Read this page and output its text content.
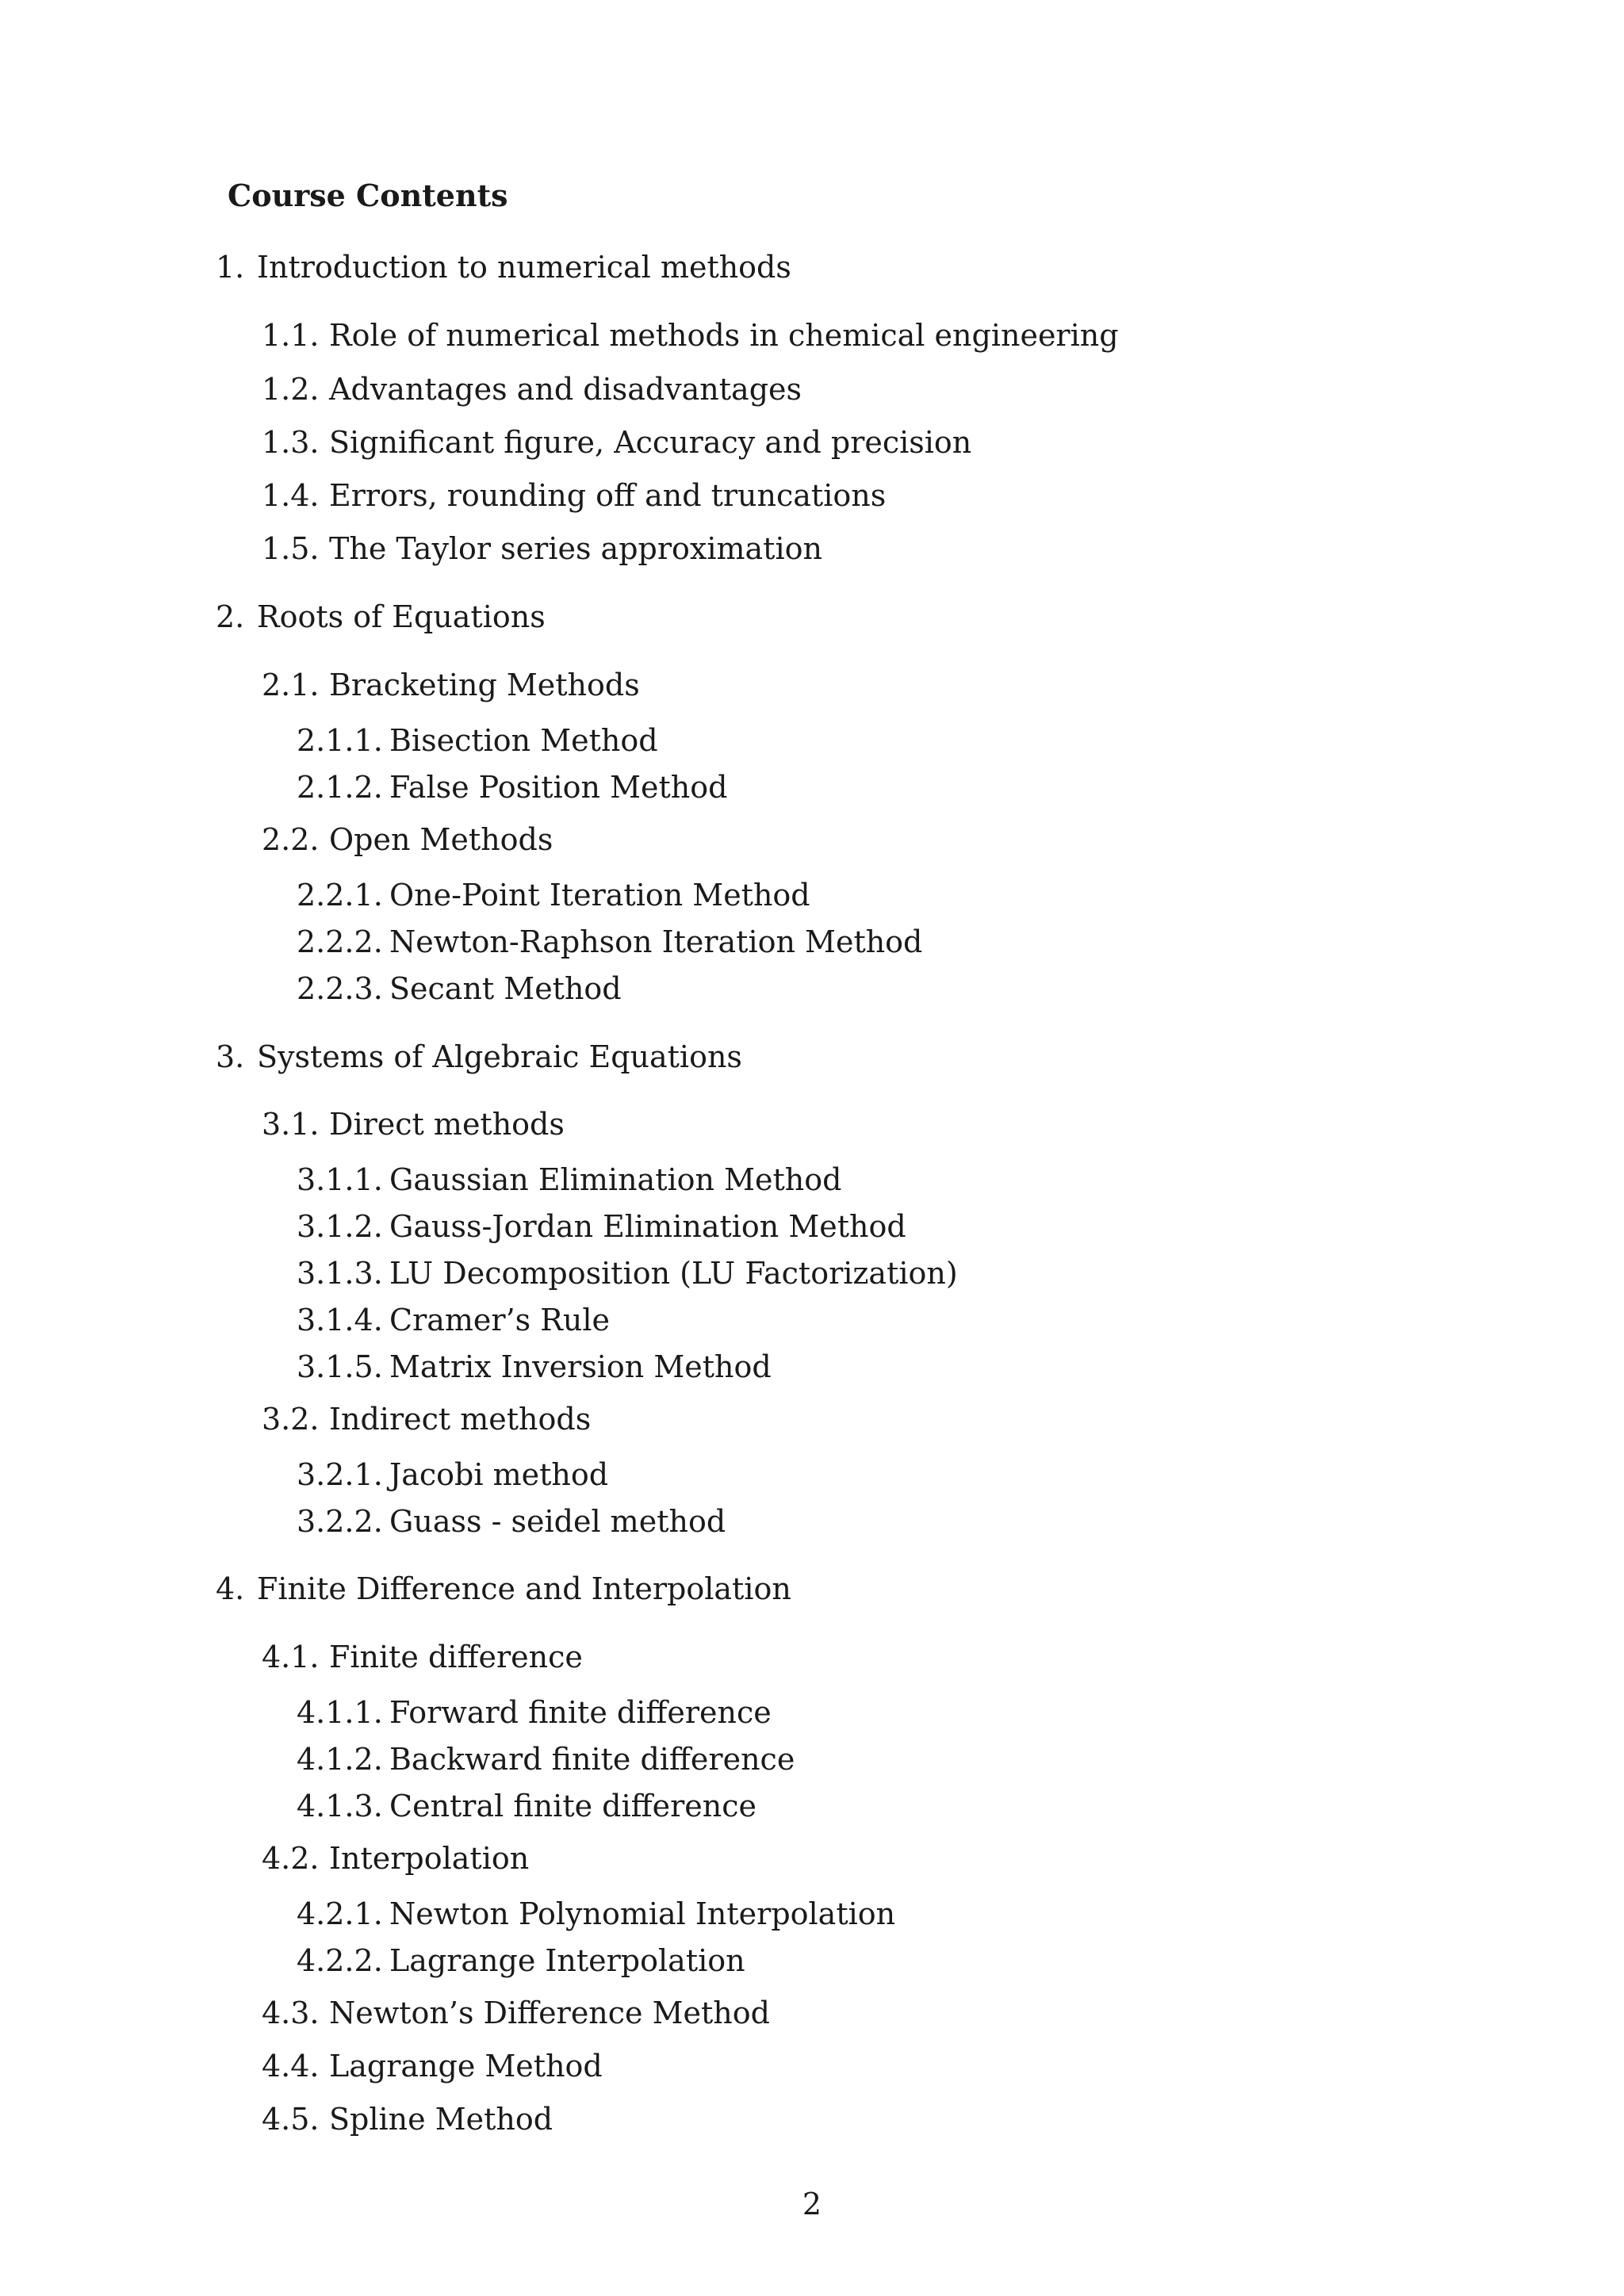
Course Contents
1. Introduction to numerical methods
1.1. Role of numerical methods in chemical engineering
1.2. Advantages and disadvantages
1.3. Significant figure, Accuracy and precision
1.4. Errors, rounding off and truncations
1.5. The Taylor series approximation
2. Roots of Equations
2.1. Bracketing Methods
2.1.1. Bisection Method
2.1.2. False Position Method
2.2. Open Methods
2.2.1. One-Point Iteration Method
2.2.2. Newton-Raphson Iteration Method
2.2.3. Secant Method
3. Systems of Algebraic Equations
3.1. Direct methods
3.1.1. Gaussian Elimination Method
3.1.2. Gauss-Jordan Elimination Method
3.1.3. LU Decomposition (LU Factorization)
3.1.4. Cramer’s Rule
3.1.5. Matrix Inversion Method
3.2. Indirect methods
3.2.1. Jacobi method
3.2.2. Guass - seidel method
4. Finite Difference and Interpolation
4.1. Finite difference
4.1.1. Forward finite difference
4.1.2. Backward finite difference
4.1.3. Central finite difference
4.2. Interpolation
4.2.1. Newton Polynomial Interpolation
4.2.2. Lagrange Interpolation
4.3. Newton’s Difference Method
4.4. Lagrange Method
4.5. Spline Method
2
